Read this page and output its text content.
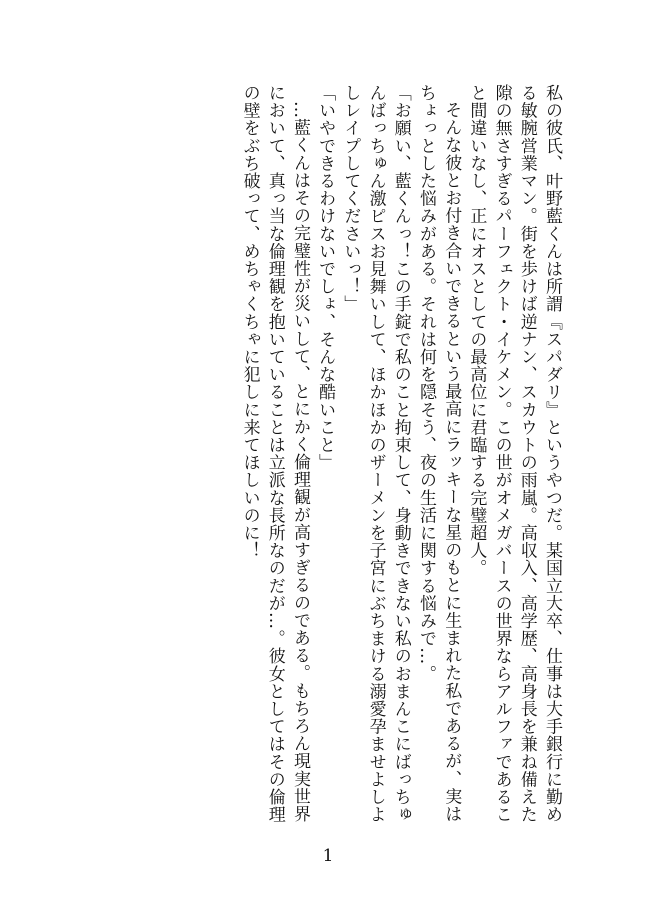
私の彼氏、叶野藍くんは所謂『スパダリ』というやつだ。某国立大卒、仕事は大手銀行に勤める敏腕営業マン。街を歩けば逆ナン、スカウトの雨嵐。高収入、高学歴、高身長を兼ね備えた隙の無さすぎるパーフェクト・イケメン。この世がオメガバースの世界ならアルファであること間違いなし、正にオスとしての最高位に君臨する完璧超人。

そんな彼とお付き合いできるという最高にラッキーな星のもとに生まれた私であるが、実はちょっとした悩みがある。それは何を隠そう、夜の生活に関する悩みで…。

「お願い、藍くんっ！この手錠で私のこと拘束して、身動きできない私のおまんこにばっちゅんばっちゅん激ピスお見舞いして、ほかほかのザーメンを子宮にぶちまける溺愛孕ませよしよしレイプしてくださいっ！」

「いやできるわけないでしょ、そんな酷いこと」

…藍くんはその完璧性が災いして、とにかく倫理観が高すぎるのである。もちろん現実世界において、真っ当な倫理観を抱いていることは立派な長所なのだが…。彼女としてはその倫理の壁をぶち破って、めちゃくちゃに犯しに来てほしいのに！

1
